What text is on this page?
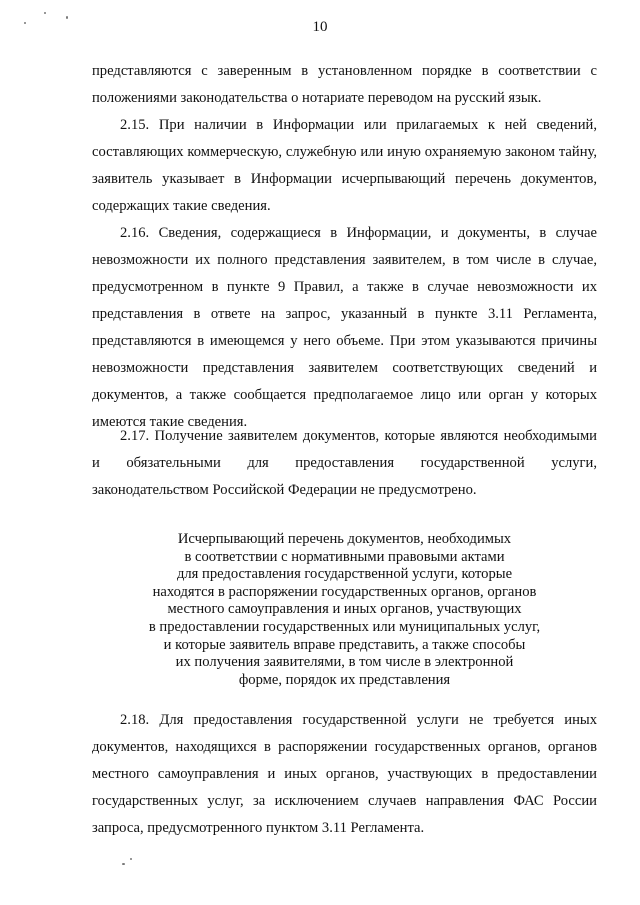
10

представляются с заверенным в установленном порядке в соответствии с положениями законодательства о нотариате переводом на русский язык.

2.15. При наличии в Информации или прилагаемых к ней сведений, составляющих коммерческую, служебную или иную охраняемую законом тайну, заявитель указывает в Информации исчерпывающий перечень документов, содержащих такие сведения.

2.16. Сведения, содержащиеся в Информации, и документы, в случае невозможности их полного представления заявителем, в том числе в случае, предусмотренном в пункте 9 Правил, а также в случае невозможности их представления в ответе на запрос, указанный в пункте 3.11 Регламента, представляются в имеющемся у него объеме. При этом указываются причины невозможности представления заявителем соответствующих сведений и документов, а также сообщается предполагаемое лицо или орган у которых имеются такие сведения.

2.17. Получение заявителем документов, которые являются необходимыми и обязательными для предоставления государственной услуги, законодательством Российской Федерации не предусмотрено.

Исчерпывающий перечень документов, необходимых
в соответствии с нормативными правовыми актами
для предоставления государственной услуги, которые
находятся в распоряжении государственных органов, органов
местного самоуправления и иных органов, участвующих
в предоставлении государственных или муниципальных услуг,
и которые заявитель вправе представить, а также способы
их получения заявителями, в том числе в электронной
форме, порядок их представления

2.18. Для предоставления государственной услуги не требуется иных документов, находящихся в распоряжении государственных органов, органов местного самоуправления и иных органов, участвующих в предоставлении государственных услуг, за исключением случаев направления ФАС России запроса, предусмотренного пунктом 3.11 Регламента.
